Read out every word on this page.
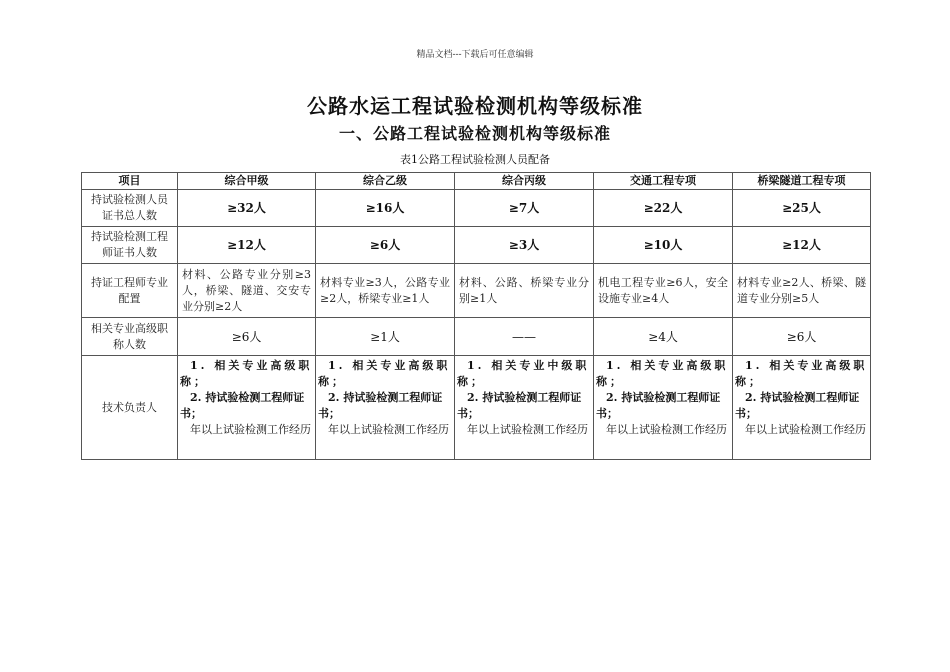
精品文档---下载后可任意编辑
公路水运工程试验检测机构等级标准
一、公路工程试验检测机构等级标准
表1公路工程试验检测人员配备
项目	综合甲级	综合乙级	综合丙级	交通工程专项	桥梁隧道工程专项
持试验检测人员证书总人数	≥32人	≥16人	≥7人	≥22人	≥25人
持试验检测工程师证书人数	≥12人	≥6人	≥3人	≥10人	≥12人
持证工程师专业配置	材料、公路专业分别≥3人，桥梁、隧道、交安专业分别≥2人	材料专业≥3人，公路专业≥2人，桥梁专业≥1人	材料、公路、桥梁专业分别≥1人	机电工程专业≥6人，安全设施专业≥4人	材料专业≥2人、桥梁、隧道专业分别≥5人
相关专业高级职称人数	≥6人	≥1人	——	≥4人	≥6人
技术负责人	1. 相关专业高级职称；
2. 持试验检测工程师证书；
年以上试验检测工作经历	1. 相关专业高级职称；
2. 持试验检测工程师证书；
年以上试验检测工作经历	1. 相关专业中级职称；
2. 持试验检测工程师证书；
年以上试验检测工作经历	1. 相关专业高级职称；
2. 持试验检测工程师证书；
年以上试验检测工作经历	1. 相关专业高级职称；
2. 持试验检测工程师证书；
年以上试验检测工作经历
